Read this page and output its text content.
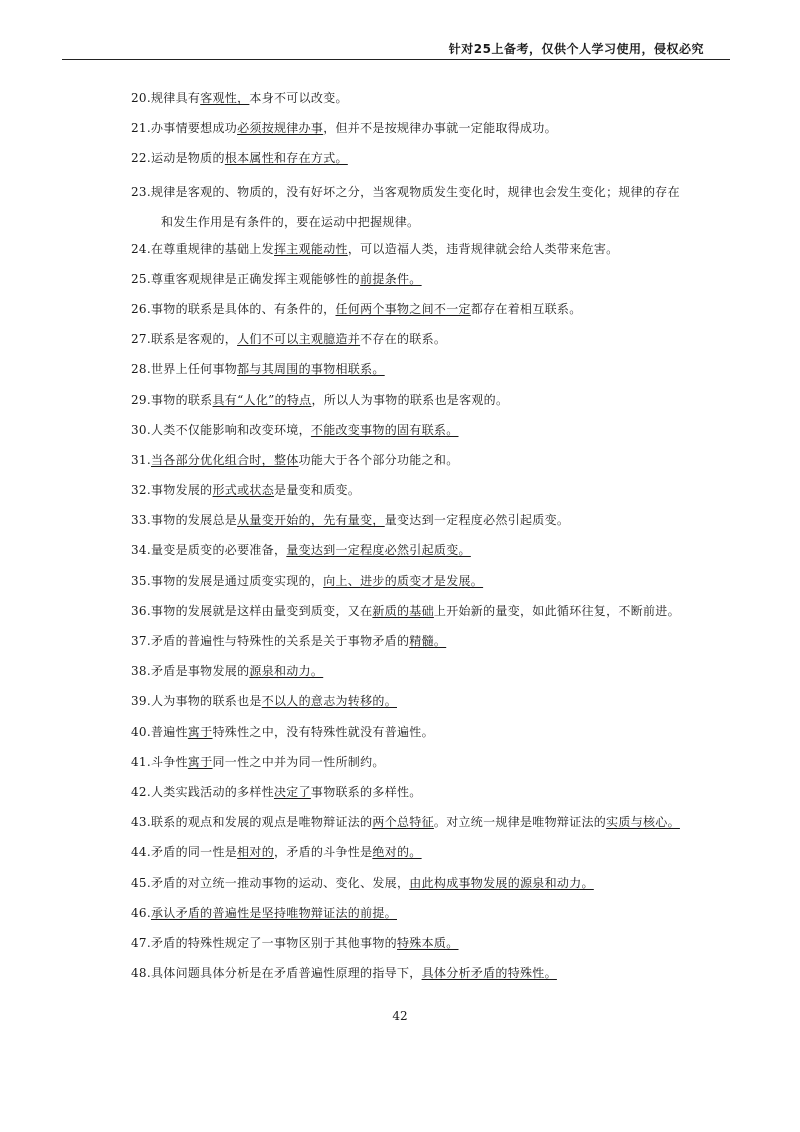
针对25上备考，仅供个人学习使用，侵权必究
20.规律具有客观性，本身不可以改变。
21.办事情要想成功必须按规律办事，但并不是按规律办事就一定能取得成功。
22.运动是物质的根本属性和存在方式。
23.规律是客观的、物质的，没有好坏之分，当客观物质发生变化时，规律也会发生变化；规律的存在
和发生作用是有条件的，要在运动中把握规律。
24.在尊重规律的基础上发挥主观能动性，可以造福人类，违背规律就会给人类带来危害。
25.尊重客观规律是正确发挥主观能够性的前提条件。
26.事物的联系是具体的、有条件的，任何两个事物之间不一定都存在着相互联系。
27.联系是客观的，人们不可以主观臆造并不存在的联系。
28.世界上任何事物都与其周围的事物相联系。
29.事物的联系具有“人化”的特点，所以人为事物的联系也是客观的。
30.人类不仅能影响和改变环境，不能改变事物的固有联系。
31.当各部分优化组合时，整体功能大于各个部分功能之和。
32.事物发展的形式或状态是量变和质变。
33.事物的发展总是从量变开始的，先有量变，量变达到一定程度必然引起质变。
34.量变是质变的必要准备，量变达到一定程度必然引起质变。
35.事物的发展是通过质变实现的，向上、进步的质变才是发展。
36.事物的发展就是这样由量变到质变，又在新质的基础上开始新的量变，如此循环往复，不断前进。
37.矛盾的普遍性与特殊性的关系是关于事物矛盾的精髓。
38.矛盾是事物发展的源泉和动力。
39.人为事物的联系也是不以人的意志为转移的。
40.普遍性寓于特殊性之中，没有特殊性就没有普遍性。
41.斗争性寓于同一性之中并为同一性所制约。
42.人类实践活动的多样性决定了事物联系的多样性。
43.联系的观点和发展的观点是唯物辩证法的两个总特征。对立统一规律是唯物辩证法的实质与核心。
44.矛盾的同一性是相对的，矛盾的斗争性是绝对的。
45.矛盾的对立统一推动事物的运动、变化、发展，由此构成事物发展的源泉和动力。
46.承认矛盾的普遍性是坚持唯物辩证法的前提。
47.矛盾的特殊性规定了一事物区别于其他事物的特殊本质。
48.具体问题具体分析是在矛盾普遍性原理的指导下，具体分析矛盾的特殊性。
42
